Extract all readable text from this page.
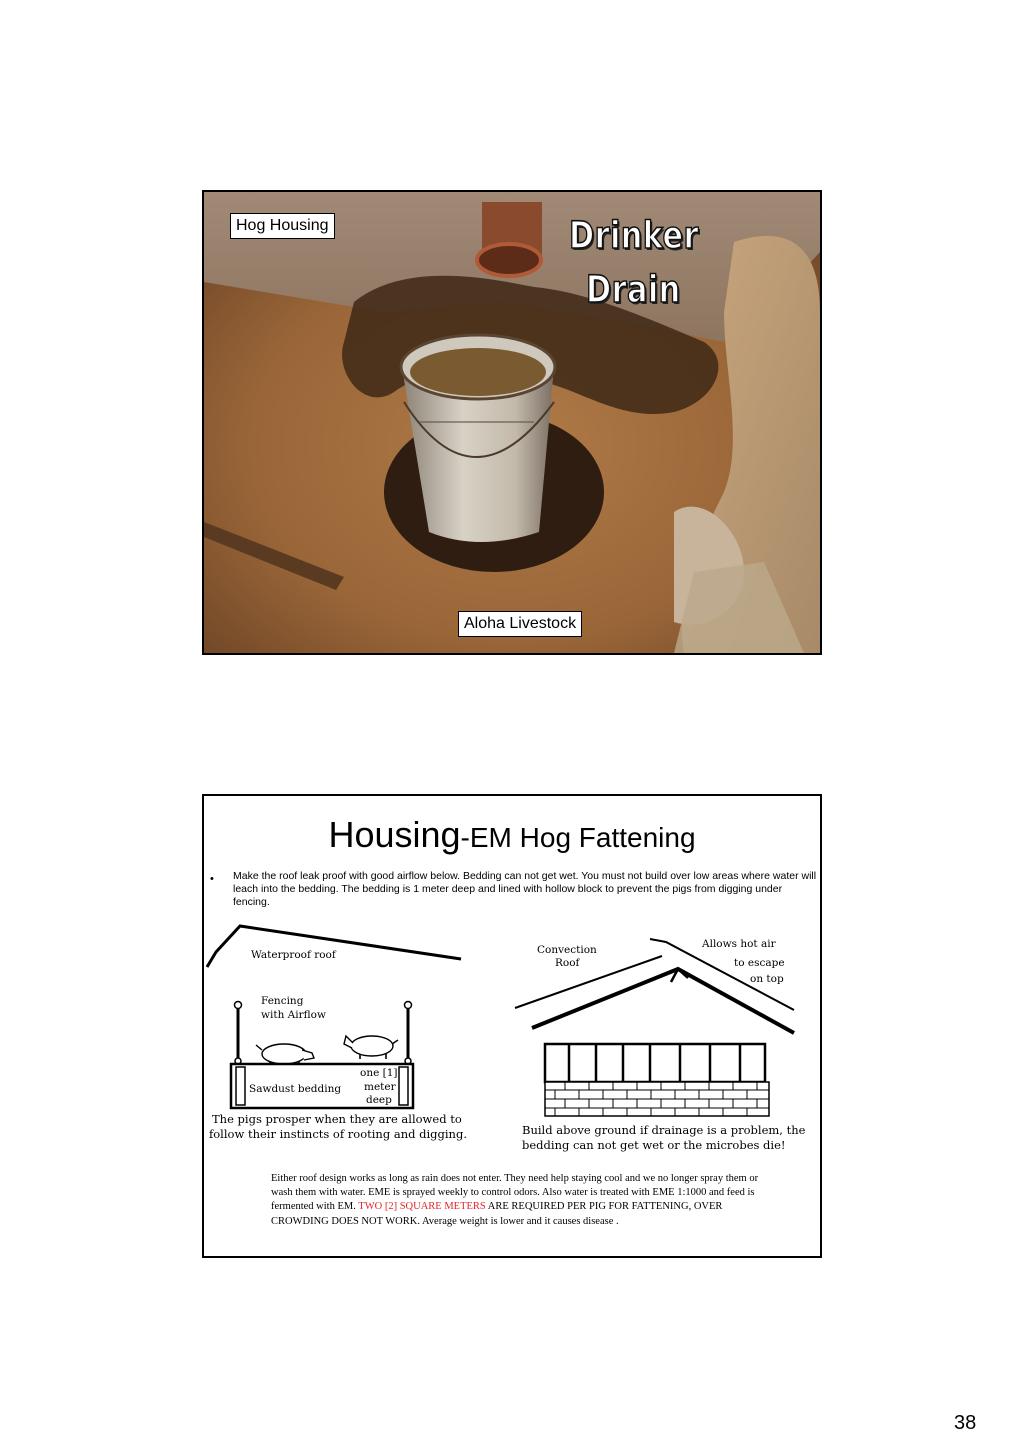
Hog Housing	Drinker
Drain
Aloha Livestock
Housing-EM Hog Fattening
• Make the roof leak proof with good airflow below. Bedding can not get wet. You must not build over low areas where water will leach into the bedding. The bedding is 1 meter deep and lined with hollow block to prevent the pigs from digging under fencing.
Waterproof roof
Fencing
with Airflow
Sawdust bedding
one [1]
meter
deep
The pigs prosper when they are allowed to
follow their instincts of rooting and digging.
Convection
Roof
Allows hot air
to escape
on top
Build above ground if drainage is a problem, the
bedding can not get wet or the microbes die!
Either roof design works as long as rain does not enter. They need help staying cool and we no longer spray them or wash them with water. EME is sprayed weekly to control odors. Also water is treated with EME 1:1000 and feed is fermented with EM. TWO [2] SQUARE METERS ARE REQUIRED PER PIG FOR FATTENING, OVER CROWDING DOES NOT WORK. Average weight is lower and it causes disease .
38
